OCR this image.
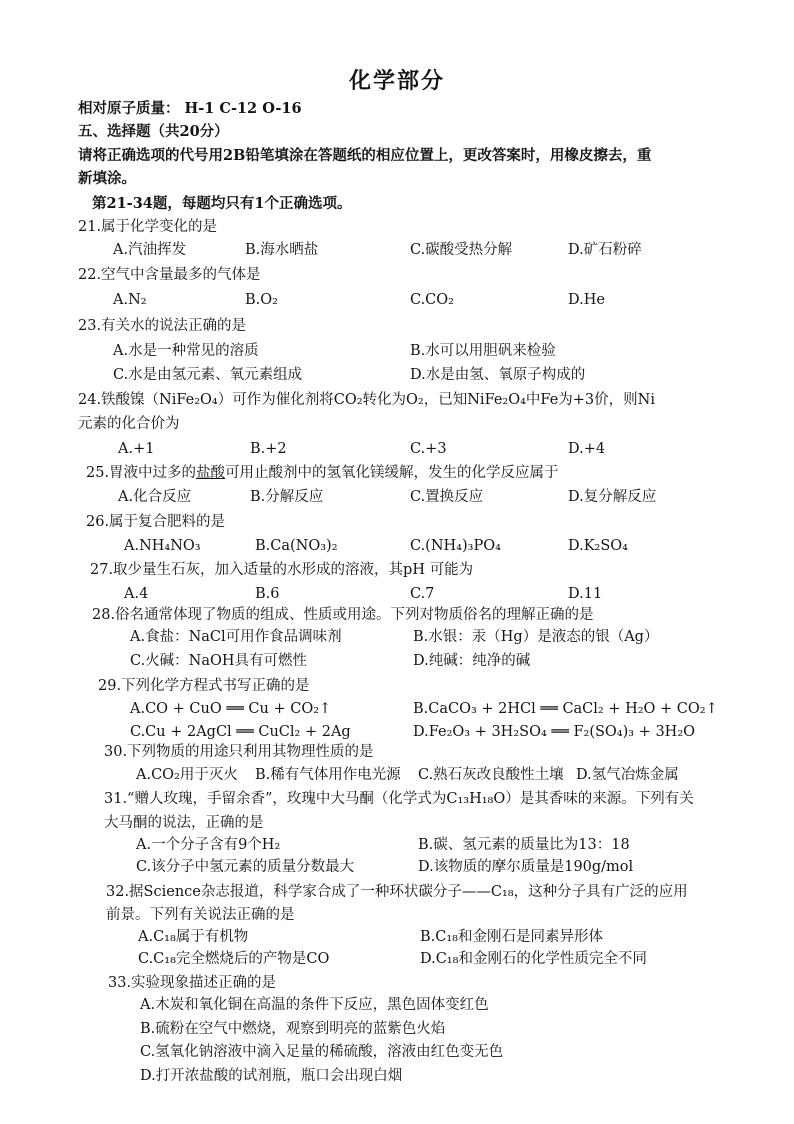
化学部分
相对原子质量： H-1 C-12 O-16
五、选择题（共20分）
请将正确选项的代号用2B铅笔填涂在答题纸的相应位置上，更改答案时，用橡皮擦去，重
新填涂。
第21-34题，每题均只有1个正确选项。
21.属于化学变化的是
A.汽油挥发	B.海水晒盐	C.碳酸受热分解	D.矿石粉碎
22.空气中含量最多的气体是
A.N₂	B.O₂	C.CO₂	D.He
23.有关水的说法正确的是
A.水是一种常见的溶质	B.水可以用胆矾来检验
C.水是由氢元素、氧元素组成	D.水是由氢、氧原子构成的
24.铁酸镍（NiFe₂O₄）可作为催化剂将CO₂转化为O₂，已知NiFe₂O₄中Fe为+3价，则Ni
元素的化合价为
A.+1	B.+2	C.+3	D.+4
25.胃液中过多的盐酸可用止酸剂中的氢氧化镁缓解，发生的化学反应属于
A.化合反应	B.分解反应	C.置换反应	D.复分解反应
26.属于复合肥料的是
A.NH₄NO₃	B.Ca(NO₃)₂	C.(NH₄)₃PO₄	D.K₂SO₄
27.取少量生石灰，加入适量的水形成的溶液，其pH 可能为
A.4	B.6	C.7	D.11
28.俗名通常体现了物质的组成、性质或用途。下列对物质俗名的理解正确的是
A.食盐：NaCl可用作食品调味剂	B.水银：汞（Hg）是液态的银（Ag）
C.火碱：NaOH具有可燃性	D.纯碱：纯净的碱
29.下列化学方程式书写正确的是
A.CO + CuO ══ Cu + CO₂↑	B.CaCO₃ + 2HCl ══ CaCl₂ + H₂O + CO₂↑
C.Cu + 2AgCl ══ CuCl₂ + 2Ag	D.Fe₂O₃ + 3H₂SO₄ ══ F₂(SO₄)₃ + 3H₂O
30.下列物质的用途只利用其物理性质的是
A.CO₂用于灭火 B.稀有气体用作电光源 C.熟石灰改良酸性土壤 D.氢气冶炼金属
31.“赠人玫瑰，手留余香”，玫瑰中大马酮（化学式为C₁₃H₁₈O）是其香味的来源。下列有关
大马酮的说法，正确的是
A.一个分子含有9个H₂	B.碳、氢元素的质量比为13：18
C.该分子中氢元素的质量分数最大	D.该物质的摩尔质量是190g/mol
32.据Science杂志报道，科学家合成了一种环状碳分子——C₁₈，这种分子具有广泛的应用
前景。下列有关说法正确的是
A.C₁₈属于有机物	B.C₁₈和金刚石是同素异形体
C.C₁₈完全燃烧后的产物是CO	D.C₁₈和金刚石的化学性质完全不同
33.实验现象描述正确的是
A.木炭和氧化铜在高温的条件下反应，黑色固体变红色
B.硫粉在空气中燃烧，观察到明亮的蓝紫色火焰
C.氢氧化钠溶液中滴入足量的稀硫酸，溶液由红色变无色
D.打开浓盐酸的试剂瓶，瓶口会出现白烟
